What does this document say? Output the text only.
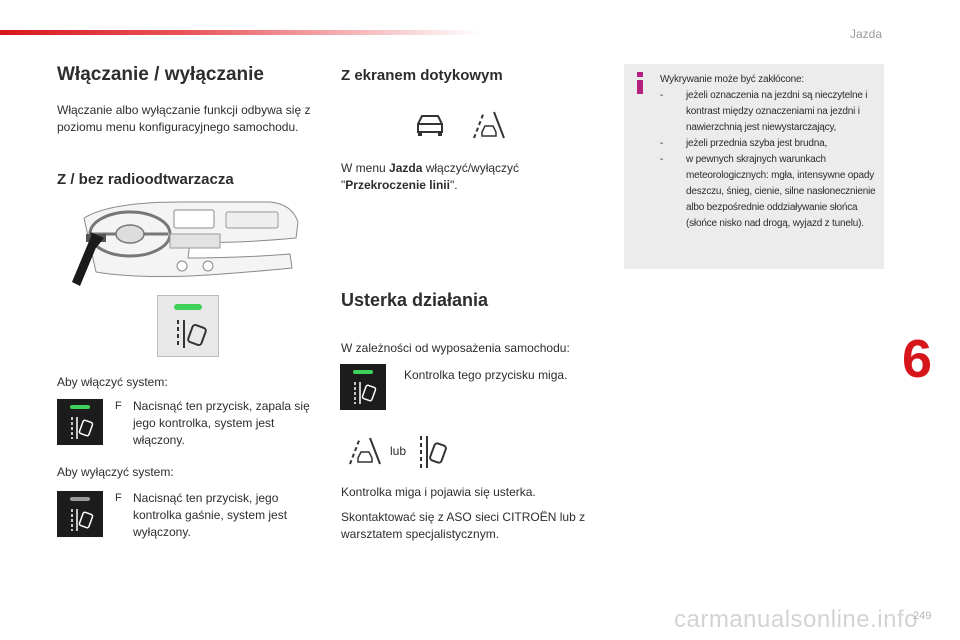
Jazda
Włączanie / wyłączanie

Włączanie albo wyłączanie funkcji odbywa się z poziomu menu konfiguracyjnego samochodu.

Z / bez radioodtwarzacza

Aby włączyć system:

F Nacisnąć ten przycisk, zapala się jego kontrolka, system jest włączony.

Aby wyłączyć system:

F Nacisnąć ten przycisk, jego kontrolka gaśnie, system jest wyłączony.
Z ekranem dotykowym

W menu Jazda włączyć/wyłączyć
"Przekroczenie linii".

Usterka działania

W zależności od wyposażenia samochodu:

Kontrolka tego przycisku miga.

lub

Kontrolka miga i pojawia się usterka.

Skontaktować się z ASO sieci CITROËN lub z warsztatem specjalistycznym.

Wykrywanie może być zakłócone:
- jeżeli oznaczenia na jezdni są nieczytelne i kontrast między oznaczeniami na jezdni i nawierzchnią jest niewystarczający,
- jeżeli przednia szyba jest brudna,
- w pewnych skrajnych warunkach meteorologicznych: mgła, intensywne opady deszczu, śnieg, cienie, silne nasłonecznienie albo bezpośrednie oddziaływanie słońca (słońce nisko nad drogą, wyjazd z tunelu).
6
carmanualsonline.info
249
